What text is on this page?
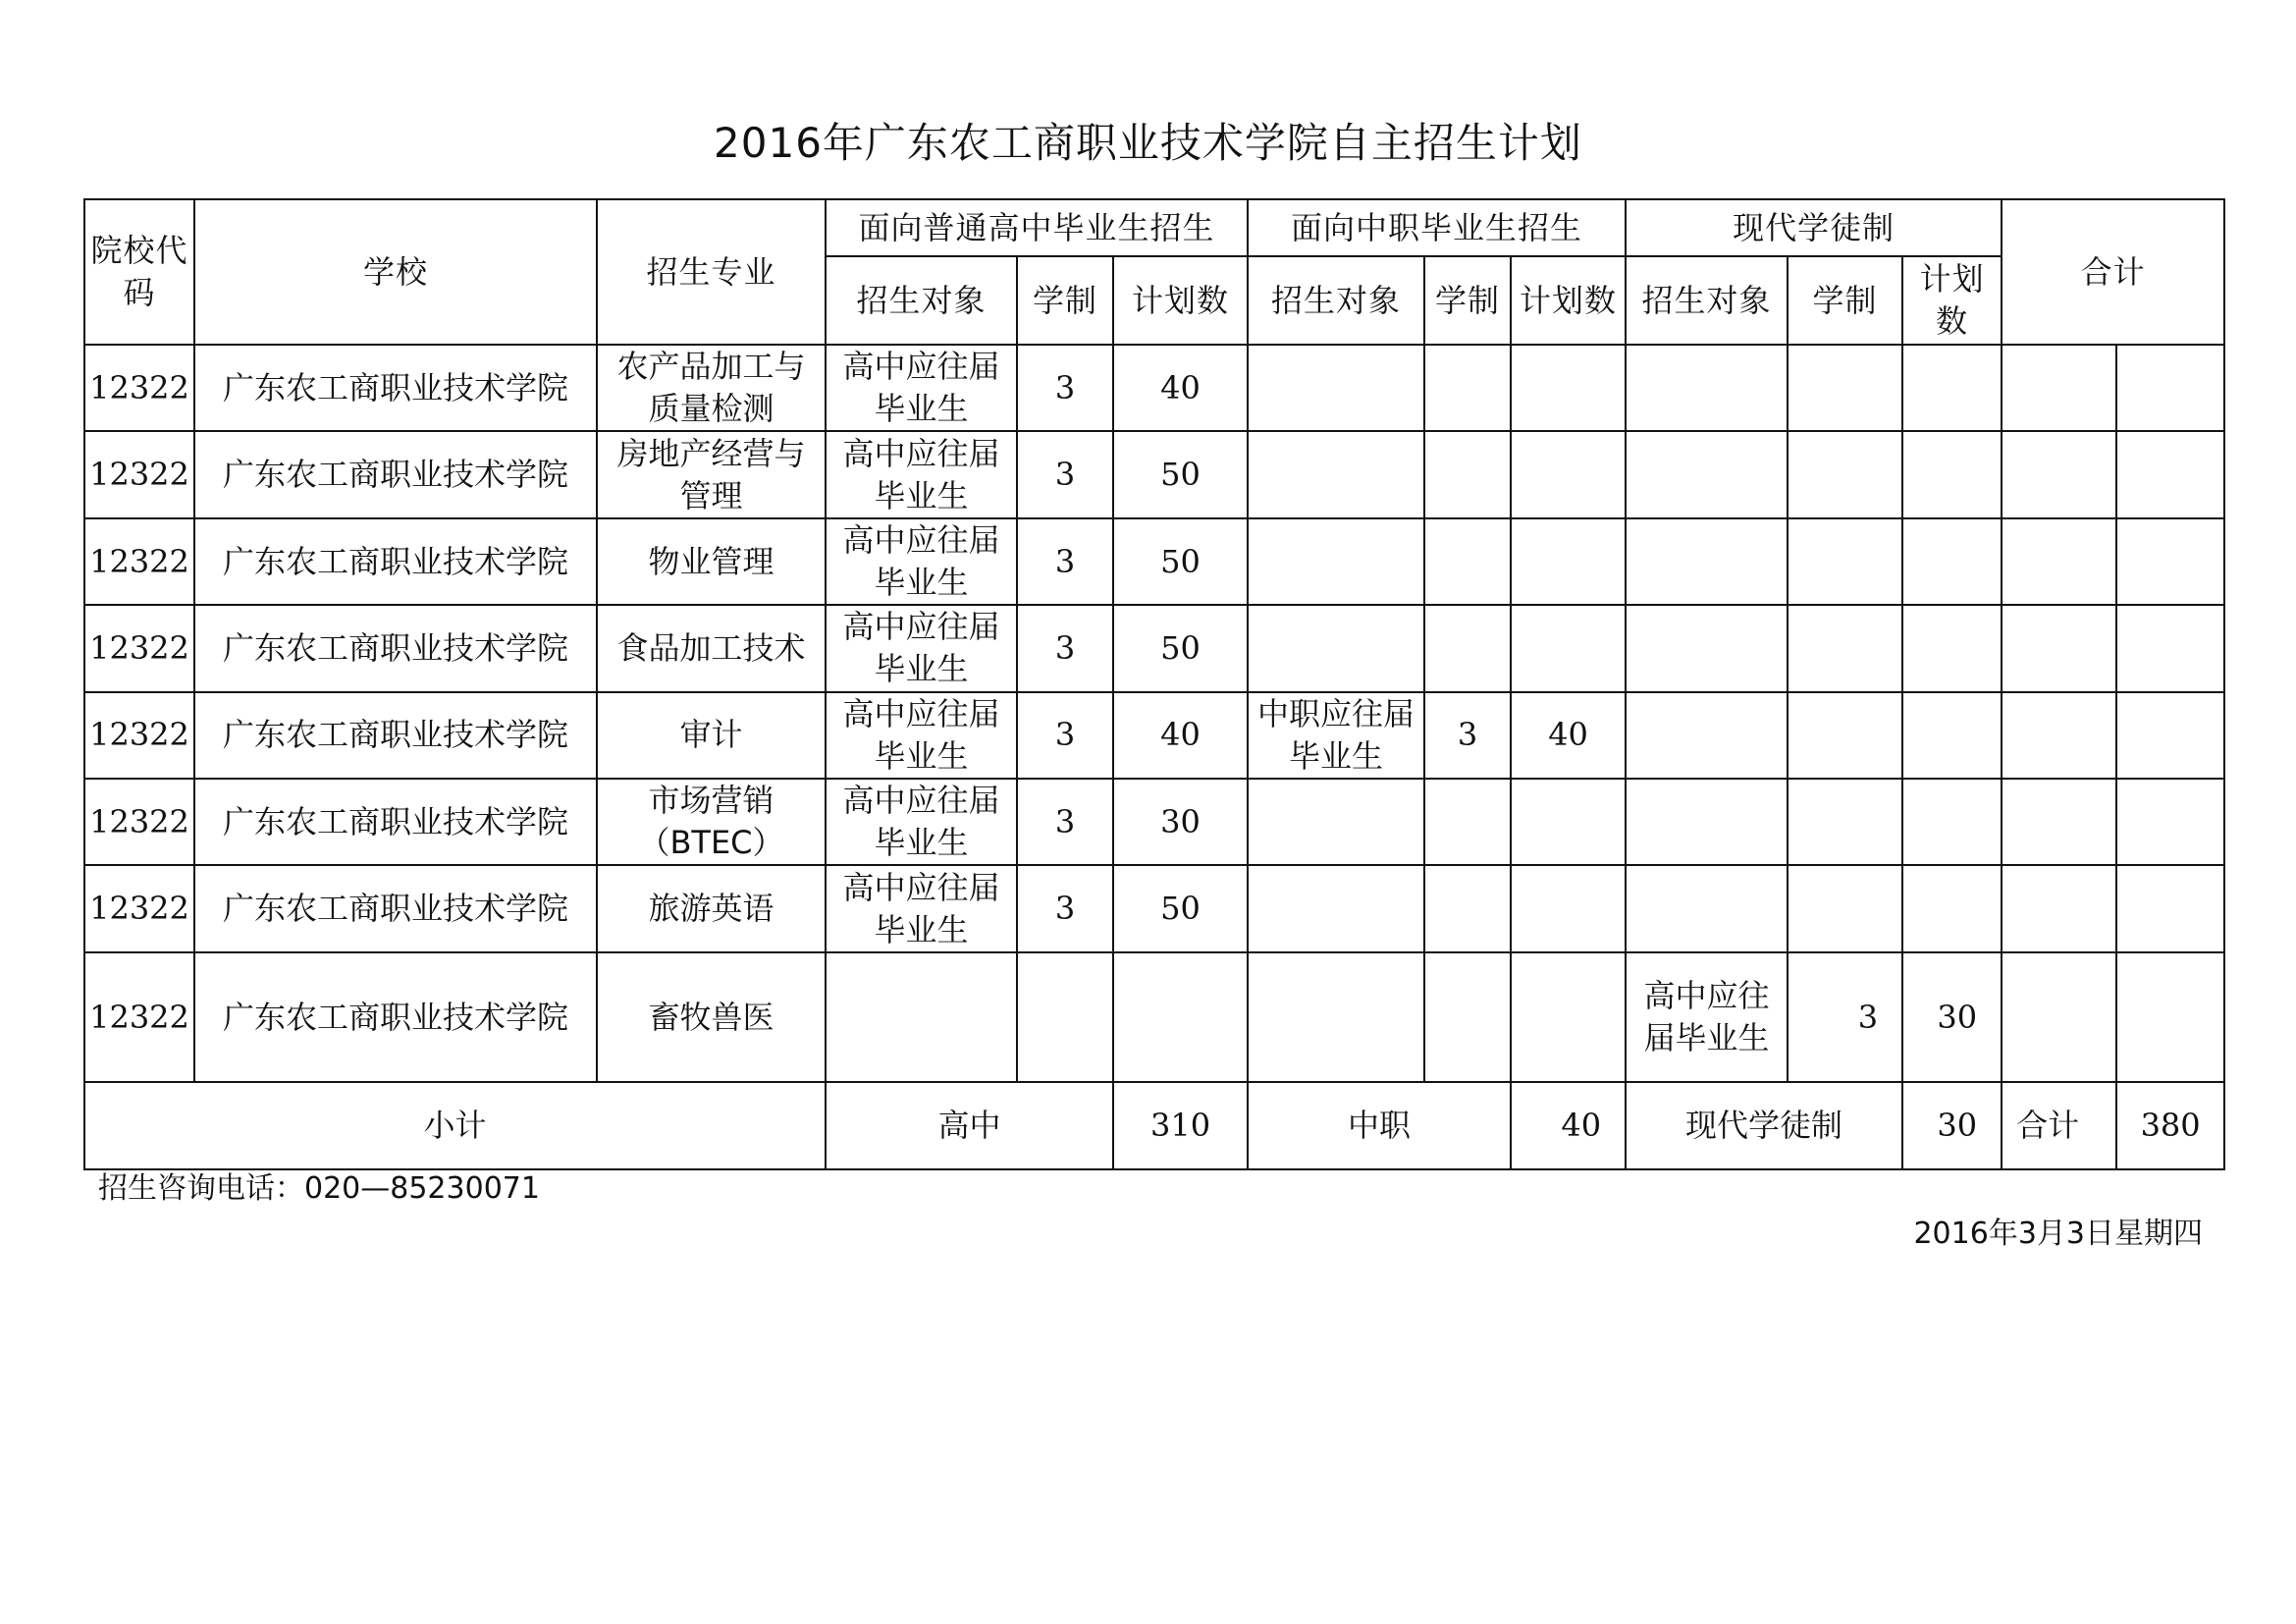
2016年广东农工商职业技术学院自主招生计划
院校代码	学校	招生专业	面向普通高中毕业生招生			面向中职毕业生招生			现代学徒制			合计	
			招生对象	学制	计划数	招生对象	学制	计划数	招生对象	学制	计划数		
12322	广东农工商职业技术学院	农产品加工与质量检测	高中应往届毕业生	3	40								
12322	广东农工商职业技术学院	房地产经营与管理	高中应往届毕业生	3	50								
12322	广东农工商职业技术学院	物业管理	高中应往届毕业生	3	50								
12322	广东农工商职业技术学院	食品加工技术	高中应往届毕业生	3	50								
12322	广东农工商职业技术学院	审计	高中应往届毕业生	3	40	中职应往届毕业生	3	40					
12322	广东农工商职业技术学院	市场营销（BTEC）	高中应往届毕业生	3	30								
12322	广东农工商职业技术学院	旅游英语	高中应往届毕业生	3	50								
12322	广东农工商职业技术学院	畜牧兽医							高中应往届毕业生	3	30		
小计			高中		310	中职		40	现代学徒制		30	合计	380
招生咨询电话：020—85230071
2016年3月3日星期四
